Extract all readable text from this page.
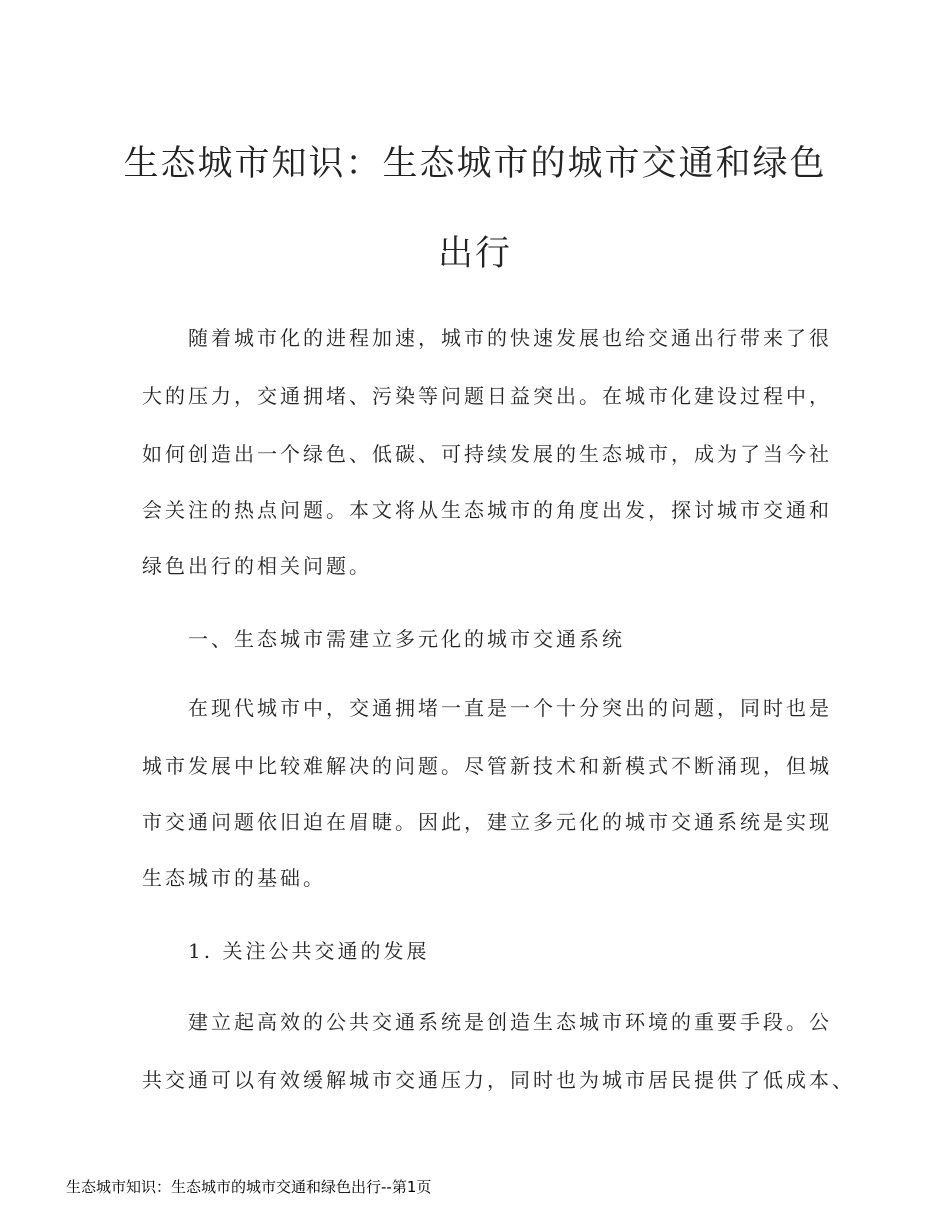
生态城市知识：生态城市的城市交通和绿色
出行
　　随着城市化的进程加速，城市的快速发展也给交通出行带来了很
大的压力，交通拥堵、污染等问题日益突出。在城市化建设过程中，
如何创造出一个绿色、低碳、可持续发展的生态城市，成为了当今社
会关注的热点问题。本文将从生态城市的角度出发，探讨城市交通和
绿色出行的相关问题。
　　一、生态城市需建立多元化的城市交通系统
　　在现代城市中，交通拥堵一直是一个十分突出的问题，同时也是
城市发展中比较难解决的问题。尽管新技术和新模式不断涌现，但城
市交通问题依旧迫在眉睫。因此，建立多元化的城市交通系统是实现
生态城市的基础。
　　1. 关注公共交通的发展
　　建立起高效的公共交通系统是创造生态城市环境的重要手段。公
共交通可以有效缓解城市交通压力，同时也为城市居民提供了低成本、
生态城市知识：生态城市的城市交通和绿色出行--第1页
